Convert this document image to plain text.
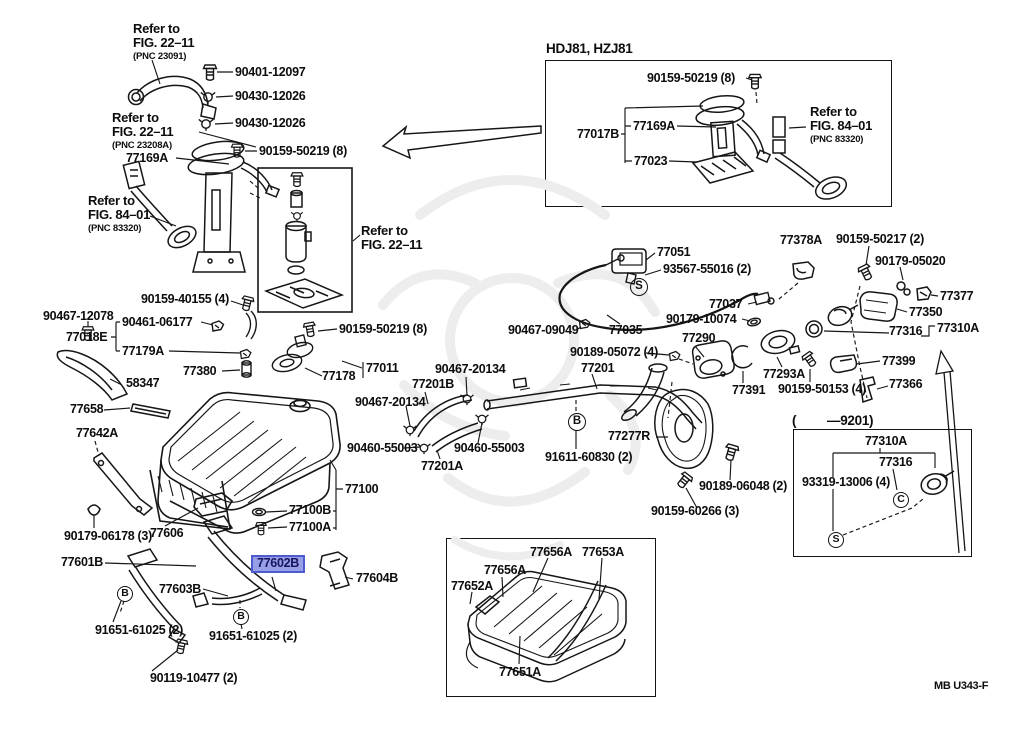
HDJ81, HZJ81
( —9201)
MB U343-F
Refer to
FIG. 22–11
(PNC 23091)
90401-12097
90430-12026
90430-12026
Refer to
FIG. 22–11
(PNC 23208A)
77169A	90159-50219 (8)
Refer to
FIG. 84–01
(PNC 83320)
90159-50219 (8)
77017B
77169A
77023
Refer to
FIG. 84–01
(PNC 83320)
Refer to
FIG. 22–11
90159-40155 (4)
90467-12078 90461-06177
77018E
77179A
90159-50219 (8)
77380	77178
77011
58347
77658
77642A
77100
77100B
77100A
77606
90179-06178 (3)
77601B	77602B
77604B
77603B
91651-61025 (2) 91651-61025 (2)
90119-10477 (2)
77051
93567-55016 (2)
90467-09049 77035
77037
90179-10074
77290
90189-05072 (4)
77201
77201B
90467-20134
90467-20134
90460-55003	90460-55003
77201A
91611-60830 (2)
77277R
90189-06048 (2)
90159-60266 (3)
77378A 90159-50217 (2)
90179-05020
77377
77350
77316 77310A
77399
77366
77293A
90159-50153 (4)
77391
77310A
77316
93319-13006 (4)
77656A 77653A
77656A
77652A
77651A
S
B
B
B
C
S
